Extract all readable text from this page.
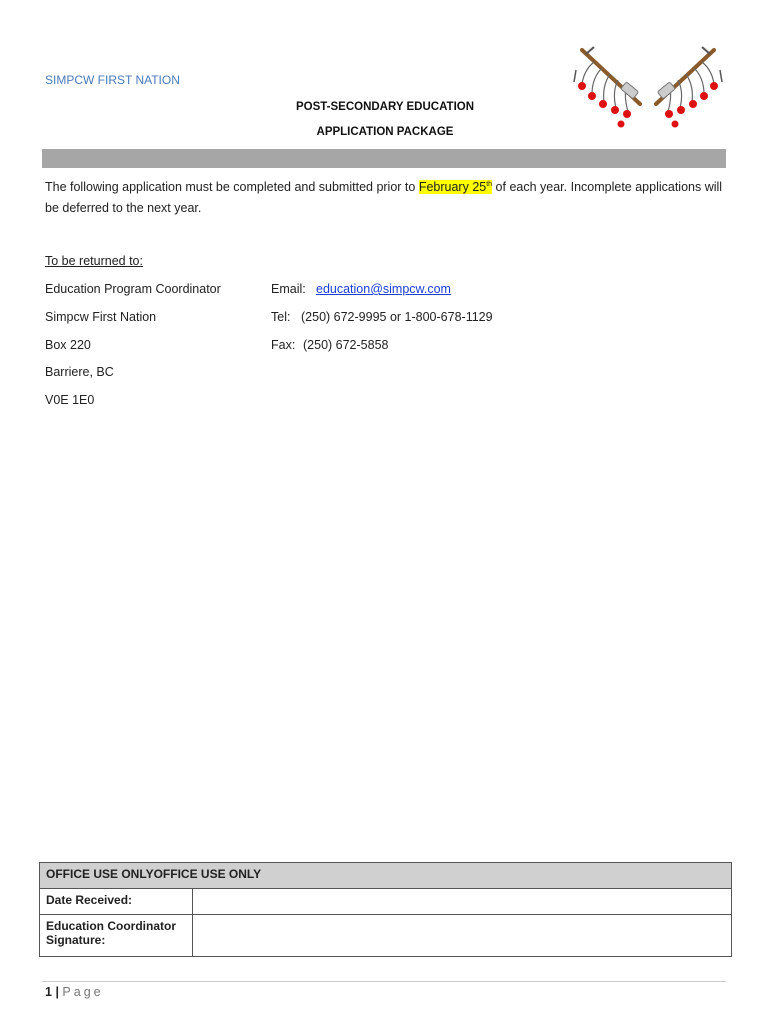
SIMPCW FIRST NATION
POST-SECONDARY EDUCATION
APPLICATION PACKAGE
The following application must be completed and submitted prior to February 25th of each year. Incomplete applications will be deferred to the next year.
To be returned to:
Education Program Coordinator
Simpcw First Nation
Box 220
Barriere, BC
V0E 1E0
Email: education@simpcw.com
Tel: (250) 672-9995 or 1-800-678-1129
Fax: (250) 672-5858
OFFICE USE ONLYOFFICE USE ONLY	
Date Received:	
Education Coordinator Signature:	
1 | Page
